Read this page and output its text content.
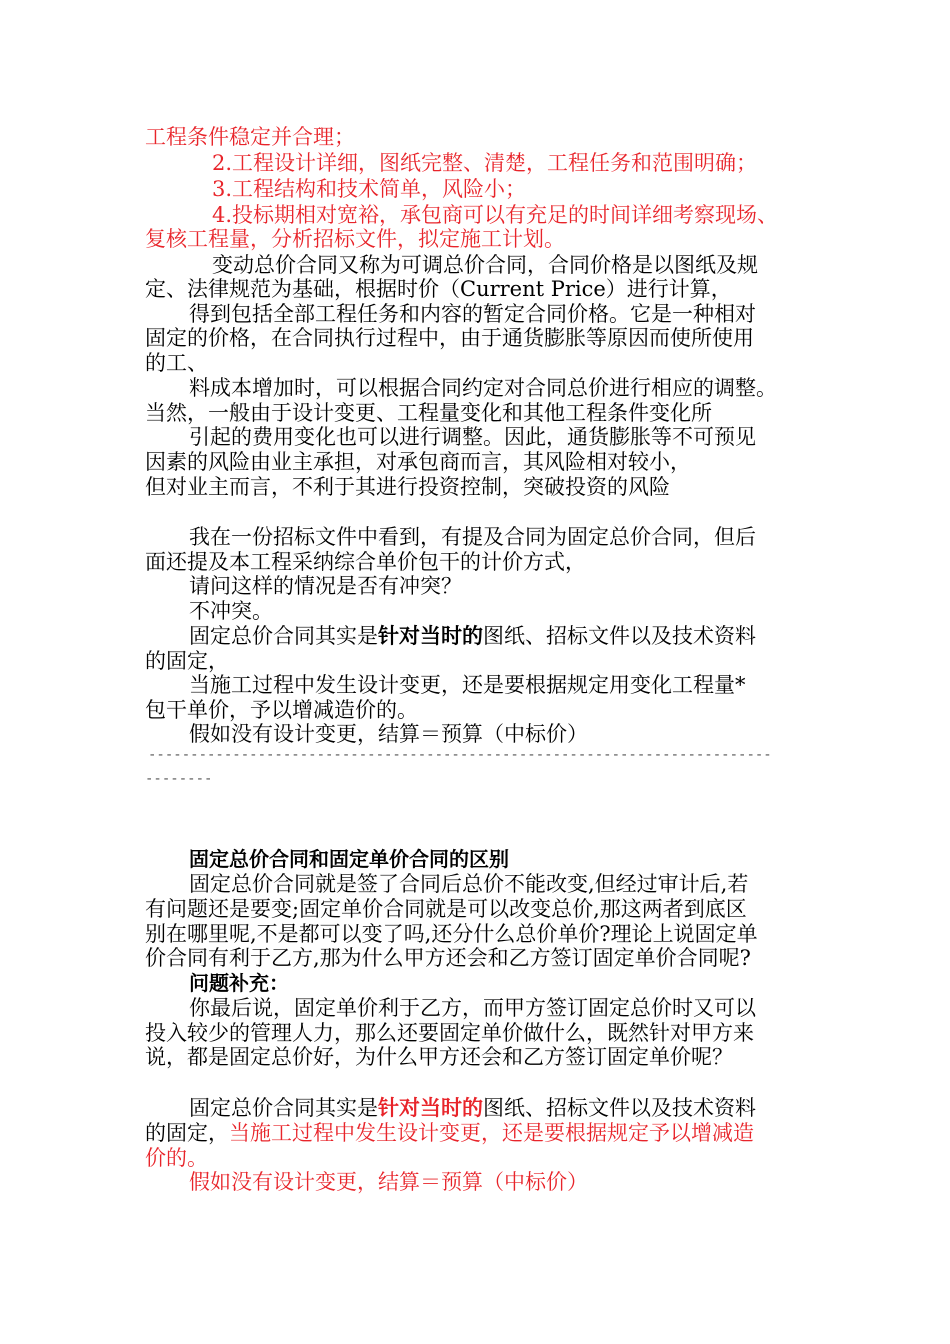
工程条件稳定并合理；
2.工程设计详细，图纸完整、清楚，工程任务和范围明确；
3.工程结构和技术简单，风险小；
4.投标期相对宽裕，承包商可以有充足的时间详细考察现场、
复核工程量，分析招标文件，拟定施工计划。
变动总价合同又称为可调总价合同，合同价格是以图纸及规
定、法律规范为基础，根据时价（Current Price）进行计算，
得到包括全部工程任务和内容的暂定合同价格。它是一种相对
固定的价格，在合同执行过程中，由于通货膨胀等原因而使所使用
的工、
料成本增加时，可以根据合同约定对合同总价进行相应的调整。
当然，一般由于设计变更、工程量变化和其他工程条件变化所
引起的费用变化也可以进行调整。因此，通货膨胀等不可预见
因素的风险由业主承担，对承包商而言，其风险相对较小，
但对业主而言，不利于其进行投资控制，突破投资的风险
我在一份招标文件中看到，有提及合同为固定总价合同，但后
面还提及本工程采纳综合单价包干的计价方式，
请问这样的情况是否有冲突？
不冲突。
固定总价合同其实是针对当时的图纸、招标文件以及技术资料
的固定，
当施工过程中发生设计变更，还是要根据规定用变化工程量*
包干单价，予以增减造价的。
假如没有设计变更，结算＝预算（中标价）
--------------------------------------------------------------------------
--------
固定总价合同和固定单价合同的区别
固定总价合同就是签了合同后总价不能改变,但经过审计后,若
有问题还是要变;固定单价合同就是可以改变总价,那这两者到底区
别在哪里呢,不是都可以变了吗,还分什么总价单价?理论上说固定单
价合同有利于乙方,那为什么甲方还会和乙方签订固定单价合同呢?
问题补充：
你最后说，固定单价利于乙方，而甲方签订固定总价时又可以
投入较少的管理人力，那么还要固定单价做什么，既然针对甲方来
说，都是固定总价好，为什么甲方还会和乙方签订固定单价呢？
固定总价合同其实是针对当时的图纸、招标文件以及技术资料
的固定，当施工过程中发生设计变更，还是要根据规定予以增减造
价的。
假如没有设计变更，结算＝预算（中标价）
